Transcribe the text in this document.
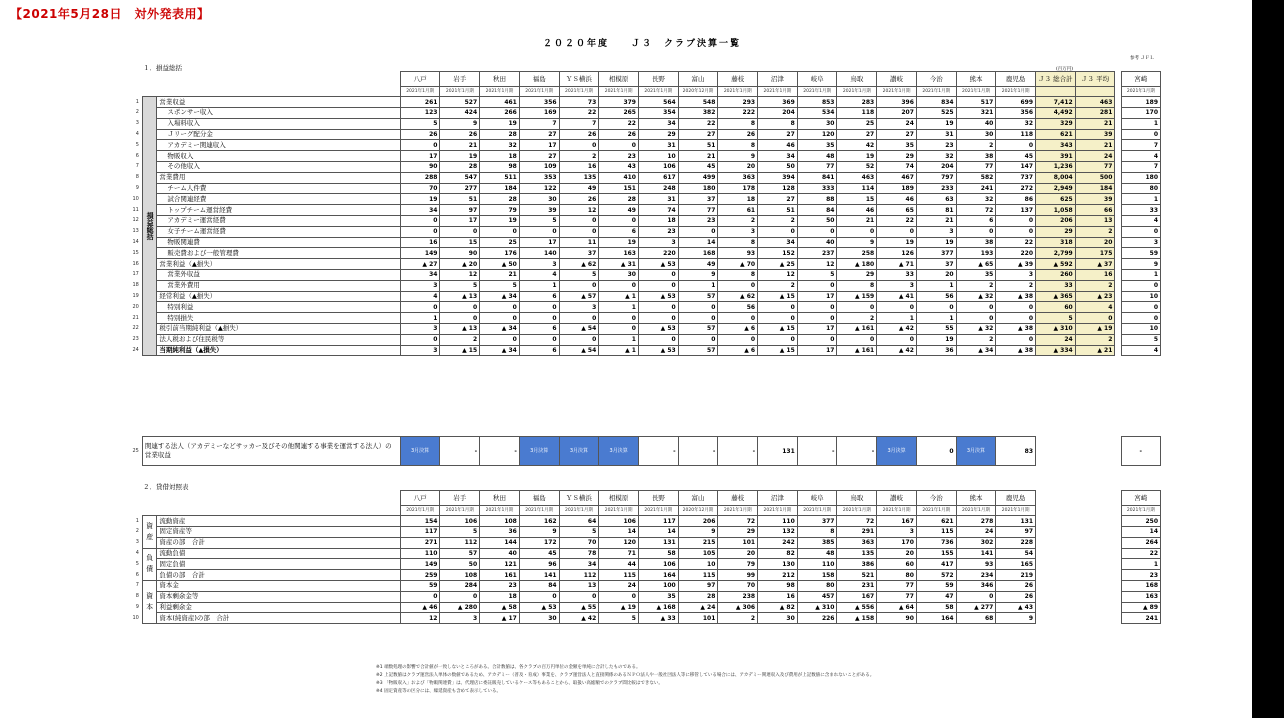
【2021年5月28日　対外発表用】
２０２０年度　　Ｊ３　クラブ決算一覧
１．損益総括	(百万円)
参考 ＪＦＬ
			八戸	岩手	秋田	福島	ＹＳ横浜	相模原	長野	富山	藤枝	沼津	岐阜	鳥取	讃岐	今治	熊本	鹿児島	Ｊ３ 総合計	Ｊ３ 平均		宮崎
			2021年1月期	2021年1月期	2021年1月期	2021年1月期	2021年1月期	2021年1月期	2021年1月期	2020年12月期	2021年1月期	2021年1月期	2021年1月期	2021年1月期	2021年1月期	2021年1月期	2021年1月期	2021年1月期				2021年1月期
1	損益総括	営業収益	261	527	461	356	73	379	564	548	293	369	853	283	396	834	517	699	7,412	463		189
2		スポンサー収入	123	424	266	169	22	265	354	382	222	204	534	118	207	525	321	356	4,492	281		170
3		入場料収入	5	9	19	7	7	22	34	22	8	8	30	25	24	19	40	32	329	21		1
4		Ｊリーグ配分金	26	26	28	27	26	26	29	27	26	27	120	27	27	31	30	118	621	39		0
5		アカデミー関連収入	0	21	32	17	0	0	31	51	8	46	35	42	35	23	2	0	343	21		7
6		物販収入	17	19	18	27	2	23	10	21	9	34	48	19	29	32	38	45	391	24		4
7		その他収入	90	28	98	109	16	43	106	45	20	50	77	52	74	204	77	147	1,236	77		7
8		営業費用	288	547	511	353	135	410	617	499	363	394	841	463	467	797	582	737	8,004	500		180
9		チーム人件費	70	277	184	122	49	151	248	180	178	128	333	114	189	233	241	272	2,949	184		80
10		試合関連経費	19	51	28	30	26	28	31	37	18	27	88	15	46	63	32	86	625	39		1
11		トップチーム運営経費	34	97	79	39	12	49	74	77	61	51	84	46	65	81	72	137	1,058	66		33
12		アカデミー運営経費	0	17	19	5	0	0	18	23	2	2	50	21	22	21	6	0	206	13		4
13		女子チーム運営経費	0	0	0	0	0	6	23	0	3	0	0	0	0	3	0	0	29	2		0
14		物販関連費	16	15	25	17	11	19	3	14	8	34	40	9	19	19	38	22	318	20		3
15		販売費および一般管理費	149	90	176	140	37	163	220	168	93	152	237	258	126	377	193	220	2,799	175		59
16		営業利益（▲損失）	▲ 27	▲ 20	▲ 50	3	▲ 62	▲ 31	▲ 53	49	▲ 70	▲ 25	12	▲ 180	▲ 71	37	▲ 65	▲ 39	▲ 592	▲ 37		9
17		営業外収益	34	12	21	4	5	30	0	9	8	12	5	29	33	20	35	3	260	16		1
18		営業外費用	3	5	5	1	0	0	0	1	0	2	0	8	3	1	2	2	33	2		0
19		経常利益（▲損失）	4	▲ 13	▲ 34	6	▲ 57	▲ 1	▲ 53	57	▲ 62	▲ 15	17	▲ 159	▲ 41	56	▲ 32	▲ 38	▲ 365	▲ 23		10
20		特別利益	0	0	0	0	3	1	0	0	56	0	0	0	0	0	0	0	60	4		0
21		特別損失	1	0	0	0	0	0	0	0	0	0	0	2	1	1	0	0	5	0		0
22		税引前当期純利益（▲損失）	3	▲ 13	▲ 34	6	▲ 54	0	▲ 53	57	▲ 6	▲ 15	17	▲ 161	▲ 42	55	▲ 32	▲ 38	▲ 310	▲ 19		10
23		法人税および住民税等	0	2	0	0	0	1	0	0	0	0	0	0	0	19	2	0	24	2		5
24		当期純利益（▲損失）	3	▲ 15	▲ 34	6	▲ 54	▲ 1	▲ 53	57	▲ 6	▲ 15	17	▲ 161	▲ 42	36	▲ 34	▲ 38	▲ 334	▲ 21		4
25	関連する法人（アカデミーなどサッカー及びその他関連する事業を運営する法人）の営業収益	3月決算	-	-	3月決算	3月決算	3月決算	-	-	-	131	-	-	3月決算	0	3月決算	83				-
２．貸借対照表
			八戸	岩手	秋田	福島	ＹＳ横浜	相模原	長野	富山	藤枝	沼津	岐阜	鳥取	讃岐	今治	熊本	鹿児島				宮崎
			2021年1月期	2021年1月期	2021年1月期	2021年1月期	2021年1月期	2021年1月期	2021年1月期	2020年12月期	2021年1月期	2021年1月期	2021年1月期	2021年1月期	2021年1月期	2021年1月期	2021年1月期	2021年1月期				2021年1月期
1	資産	流動資産	154	106	108	162	64	106	117	206	72	110	377	72	167	621	278	131				250
2		固定資産等	117	5	36	9	5	14	14	9	29	132	8	291	3	115	24	97				14
3		資産の部　合計	271	112	144	172	70	120	131	215	101	242	385	363	170	736	302	228				264
4	負債	流動負債	110	57	40	45	78	71	58	105	20	82	48	135	20	155	141	54				22
5		固定負債	149	50	121	96	34	44	106	10	79	130	110	386	60	417	93	165				1
6		負債の部　合計	259	108	161	141	112	115	164	115	99	212	158	521	80	572	234	219				23
7	資本	資本金	59	284	23	84	13	24	100	97	70	98	80	231	77	59	346	26				168
8		資本剰余金等	0	0	18	0	0	0	35	28	238	16	457	167	77	47	0	26				163
9		利益剰余金	▲ 46	▲ 280	▲ 58	▲ 53	▲ 55	▲ 19	▲ 168	▲ 24	▲ 306	▲ 82	▲ 310	▲ 556	▲ 64	58	▲ 277	▲ 43				▲ 89
10		資本(純資産)の部　合計	12	3	▲ 17	30	▲ 42	5	▲ 33	101	2	30	226	▲ 158	90	164	68	9				241
※1 端数処理の影響で合計値が一致しないところがある。合計数値は、各クラブの百万円単位の金額を単純に合計したものである。
※2 上記数値はクラブ運営法人単体の数値であるため、アカデミー（普及・育成）事業を、クラブ運営法人と直接関係のあるＮＰＯ法人や一般社団法人等に移管している場合には、アカデミー関連収入及び費用が上記数値に含まれないことがある。
※3 「物販収入」および「物販関連費」は、代理店に委託販売しているケース等もあることから、取扱い高総額でのクラブ間比較はできない。
※4 固定資産等の区分には、繰延資産も含めて表示している。
